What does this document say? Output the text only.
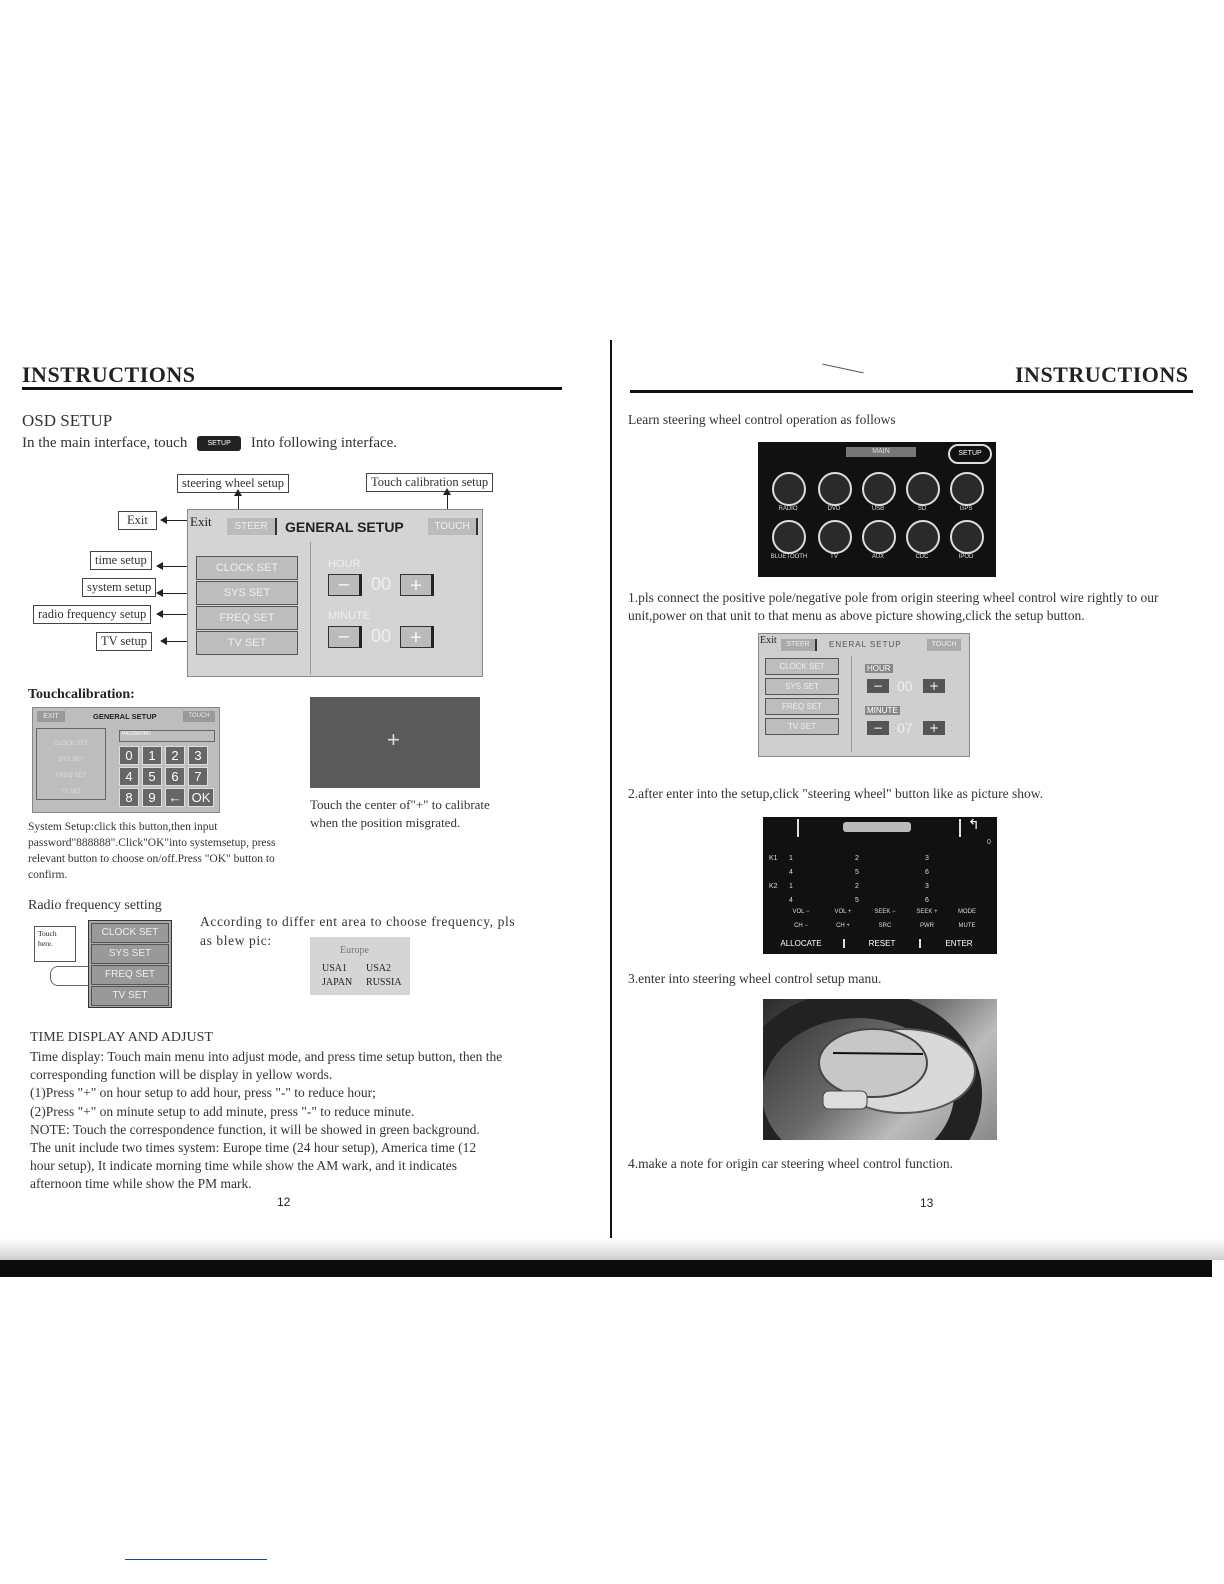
INSTRUCTIONS
OSD SETUP
In the main interface, touch	SETUP Into following interface.
steering wheel setup	Touch calibration setup
Exit
time setup
system setup
radio frequency setup
TV setup
Exit	STEER	GENERAL SETUP	TOUCH
CLOCK SET
SYS SET
FREQ SET
TV SET
HOUR
−	00	+
MINUTE
−	00	+
Touchcalibration:
EXIT	GENERAL SETUP	TOUCH
CLOCK SET
SYS SET
FREQ SET
TV SET
PASSWORD
0	1	2	3
4	5	6	7
8	9 ← OK
System Setup:click this button,then input password"888888".Click"OK"into systemsetup, press relevant button to choose on/off.Press "OK" button to confirm.
+
Touch the center of"+" to calibrate when the position misgrated.
Radio frequency setting
Touch here.
CLOCK SET
SYS SET
FREQ SET
TV SET
According to differ ent area to choose frequency, pls as blew pic:
Europe
USA1 USA2
JAPAN RUSSIA
TIME DISPLAY AND ADJUST
Time display: Touch main menu into adjust mode, and press time setup button, then the
corresponding function will be display in yellow words.
(1)Press "+" on hour setup to add hour, press "-" to reduce hour;
(2)Press "+" on minute setup to add minute, press "-" to reduce minute.
NOTE: Touch the correspondence function, it will be showed in green background.
The unit include two times system: Europe time (24 hour setup), America time (12
hour setup), It indicate morning time while show the AM wark, and it indicates
afternoon time while show the PM mark.
12
INSTRUCTIONS
Learn steering wheel control operation as follows
MAIN	SETUP
RADIO	DVD	USB	SD	GPS
BLUETOOTH	TV	AUX	CDC	IPOD
1.pls connect the positive pole/negative pole from origin steering wheel control wire rightly to our unit,power on that unit to that menu as above picture showing,click the setup button.
Exit	STEER	ENERAL SETUP	TOUCH
CLOCK SET
SYS SET
FREQ SET
TV SET
HOUR
− 00	+
MINUTE
− 07	+
2.after enter into the setup,click "steering wheel" button like as picture show.
↰
0
K1 1	2	3
4	5	6
K2 1	2	3
4	5	6
VOL −	VOL +	SEEK −	SEEK +	MODE
CH −	CH +	SRC	PWR	MUTE
ALLOCATE	RESET	ENTER
3.enter into steering wheel control setup manu.
4.make a note for origin car steering wheel control function.
13
